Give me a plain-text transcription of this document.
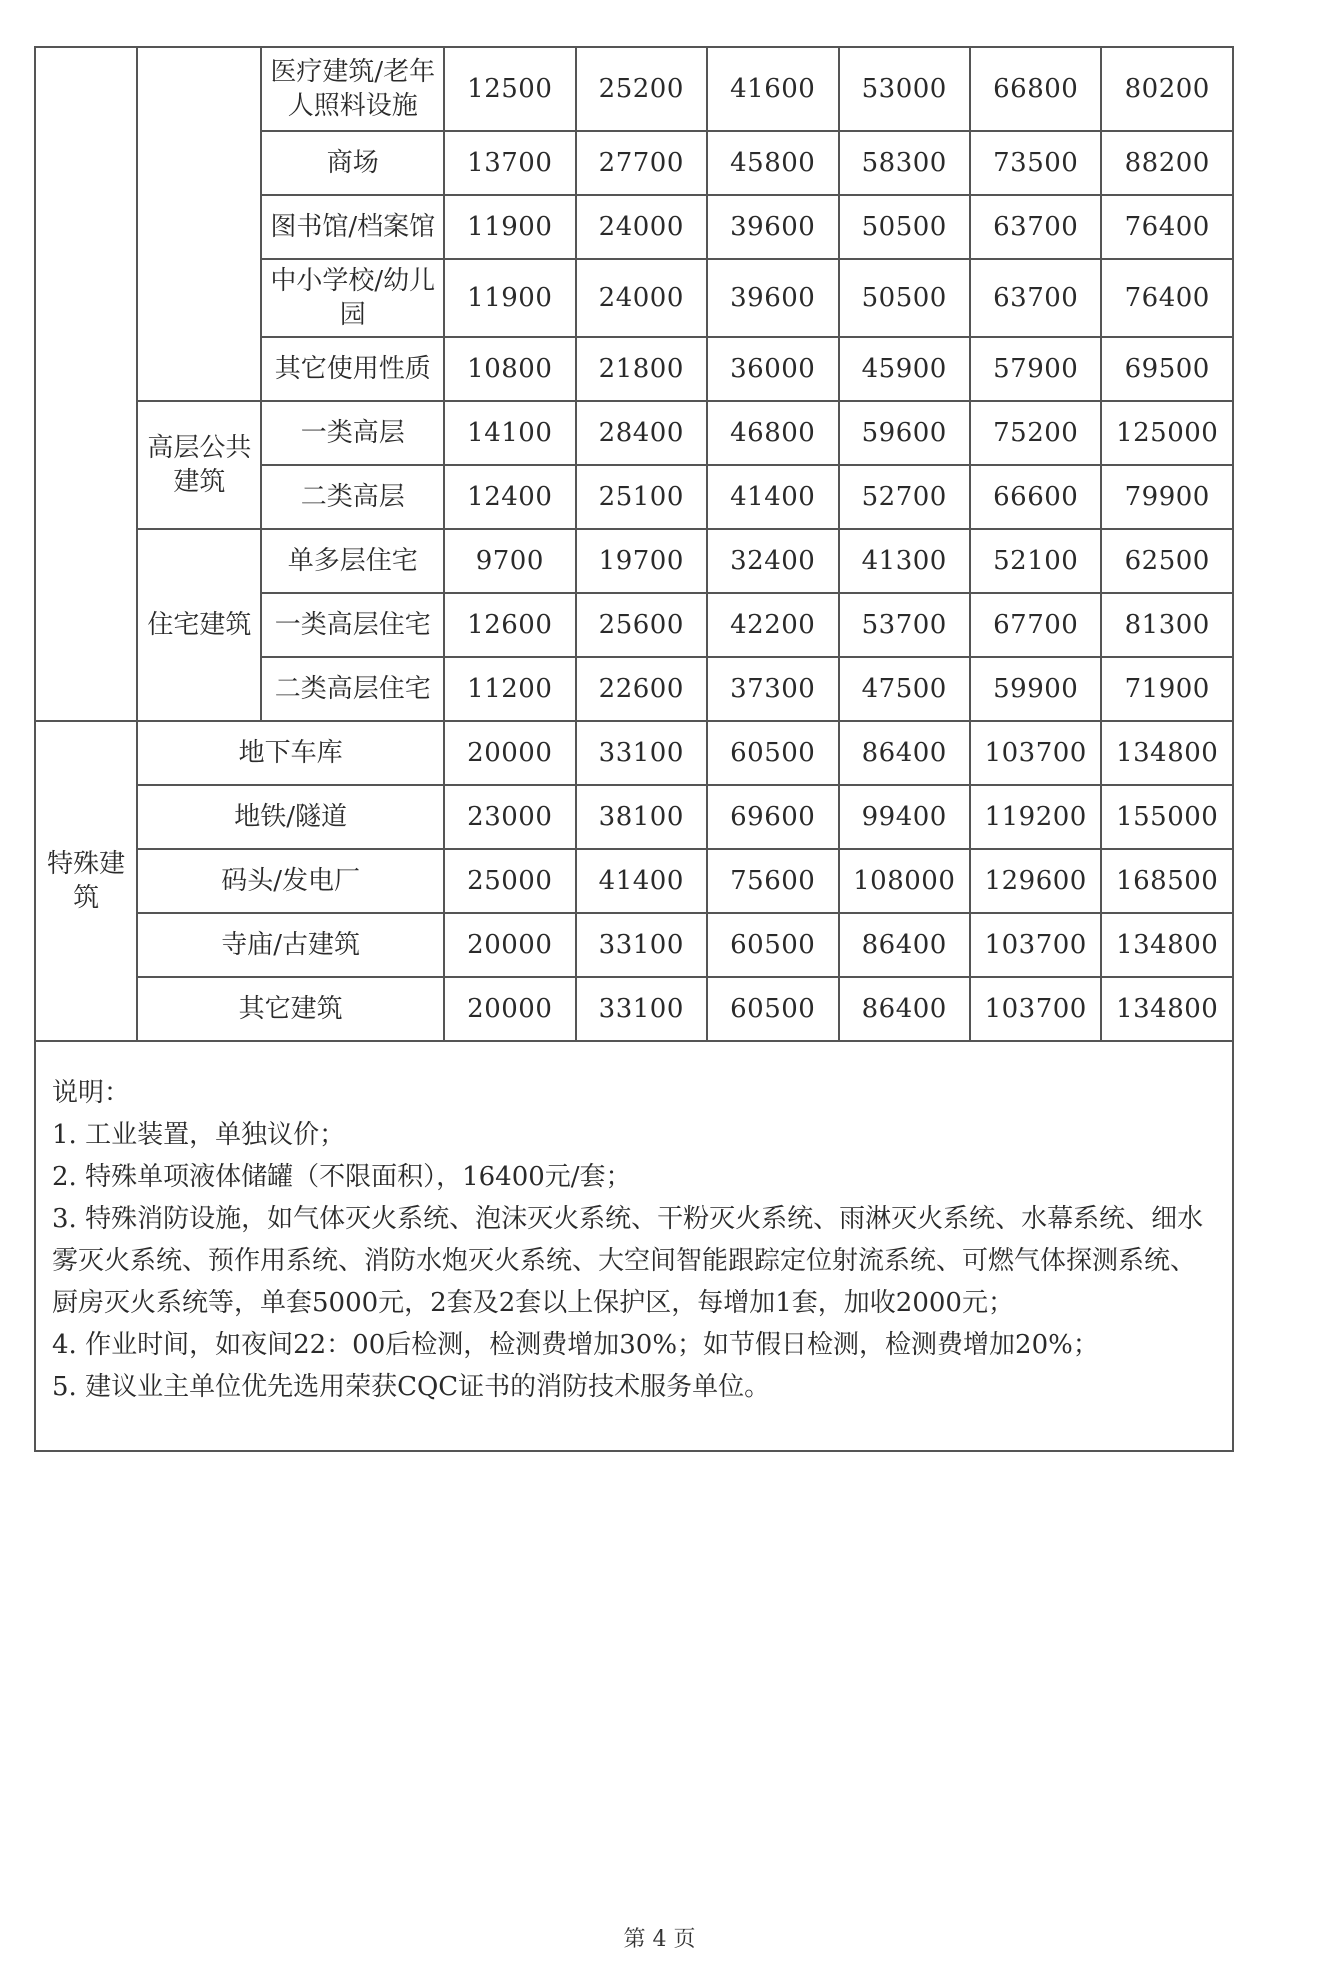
		医疗建筑/老年人照料设施	12500	25200	41600	53000	66800	80200
		商场	13700	27700	45800	58300	73500	88200
		图书馆/档案馆	11900	24000	39600	50500	63700	76400
		中小学校/幼儿园	11900	24000	39600	50500	63700	76400
		其它使用性质	10800	21800	36000	45900	57900	69500
	高层公共建筑	一类高层	14100	28400	46800	59600	75200	125000
		二类高层	12400	25100	41400	52700	66600	79900
	住宅建筑	单多层住宅	9700	19700	32400	41300	52100	62500
		一类高层住宅	12600	25600	42200	53700	67700	81300
		二类高层住宅	11200	22600	37300	47500	59900	71900
特殊建筑	地下车库		20000	33100	60500	86400	103700	134800
	地铁/隧道		23000	38100	69600	99400	119200	155000
	码头/发电厂		25000	41400	75600	108000	129600	168500
	寺庙/古建筑		20000	33100	60500	86400	103700	134800
	其它建筑		20000	33100	60500	86400	103700	134800

说明：

1. 工业装置，单独议价；

2. 特殊单项液体储罐（不限面积），16400元/套；

3. 特殊消防设施，如气体灭火系统、泡沫灭火系统、干粉灭火系统、雨淋灭火系统、水幕系统、细水雾灭火系统、预作用系统、消防水炮灭火系统、大空间智能跟踪定位射流系统、可燃气体探测系统、厨房灭火系统等，单套5000元，2套及2套以上保护区，每增加1套，加收2000元；

4. 作业时间，如夜间22：00后检测，检测费增加30%；如节假日检测，检测费增加20%；

5. 建议业主单位优先选用荣获CQC证书的消防技术服务单位。

第 4 页
